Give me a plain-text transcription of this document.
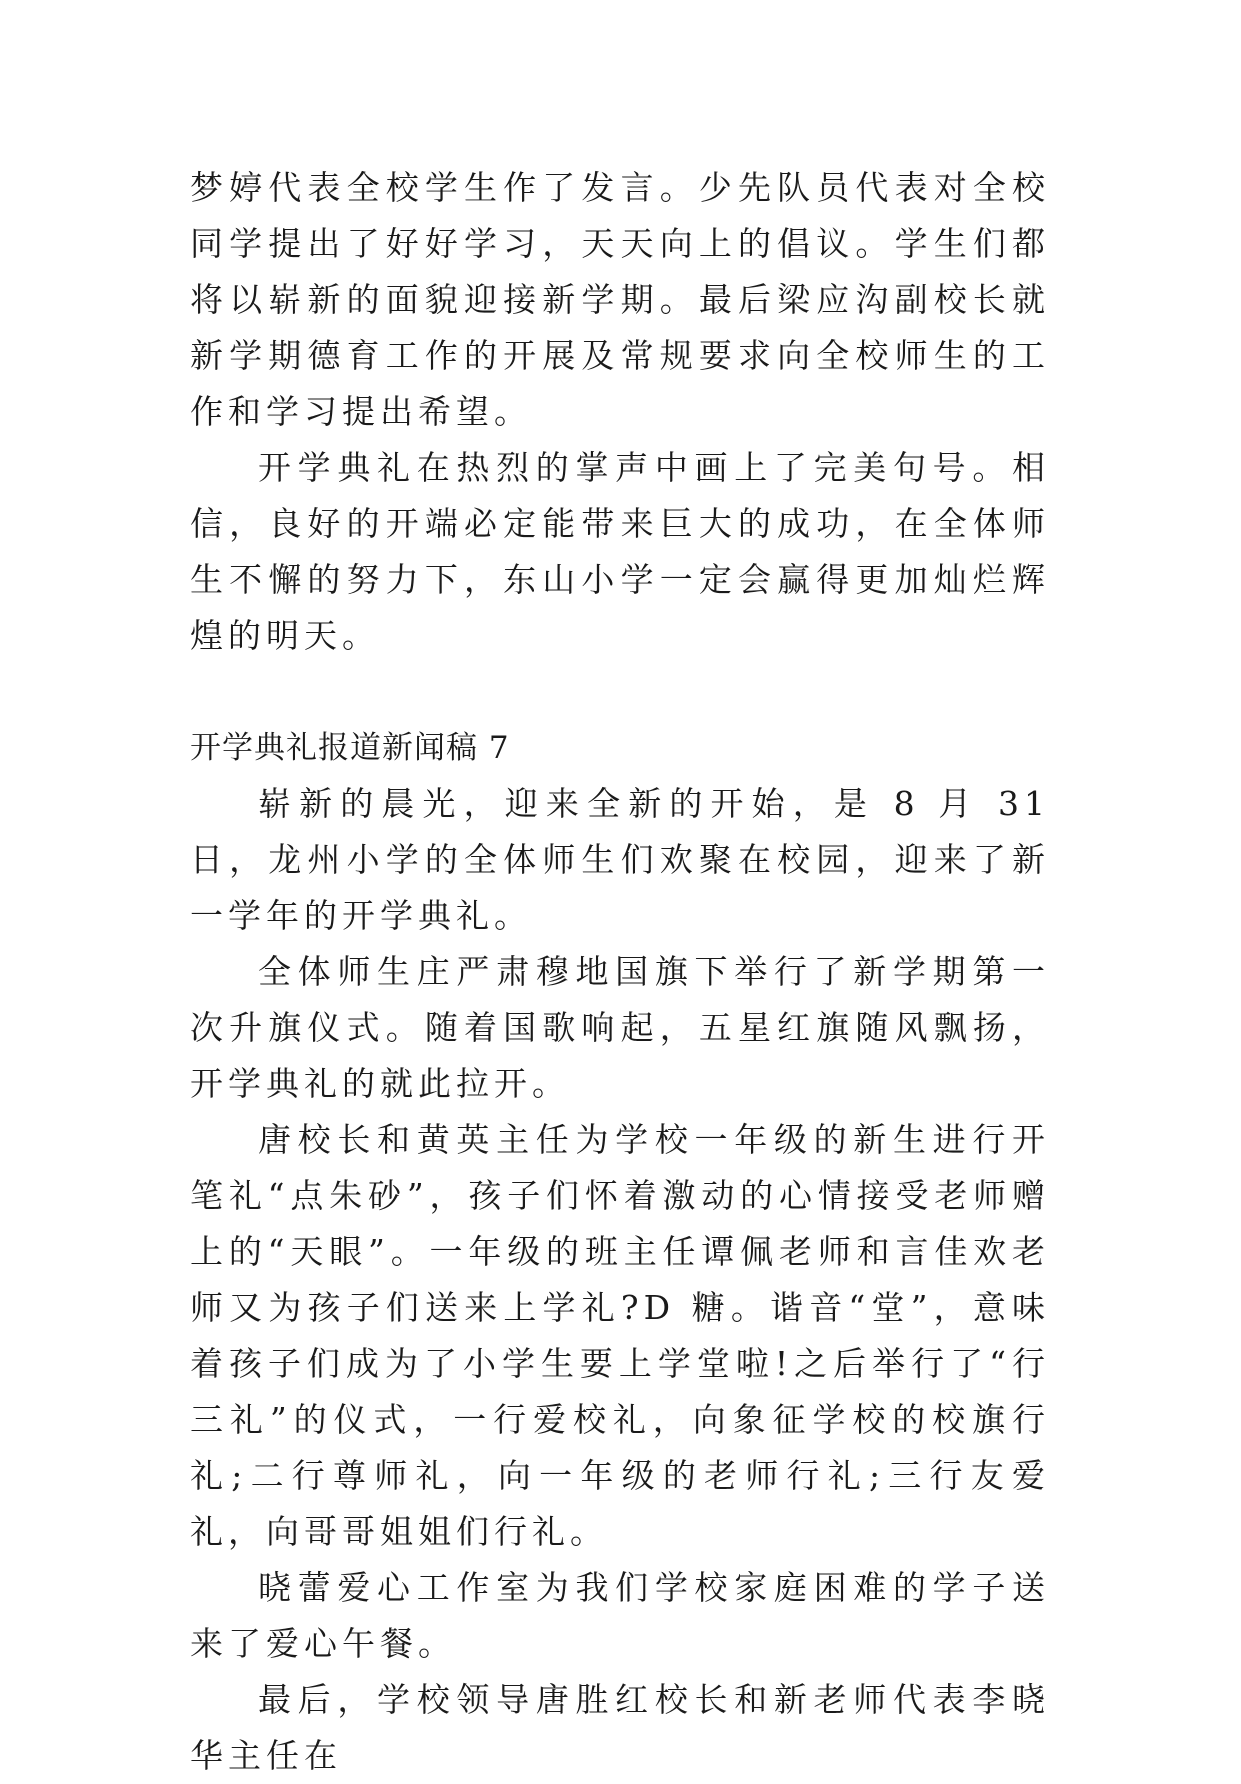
梦婷代表全校学生作了发言。少先队员代表对全校同学提出了好好学习，天天向上的倡议。学生们都将以崭新的面貌迎接新学期。最后梁应沟副校长就新学期德育工作的开展及常规要求向全校师生的工作和学习提出希望。

开学典礼在热烈的掌声中画上了完美句号。相信，良好的开端必定能带来巨大的成功，在全体师生不懈的努力下，东山小学一定会赢得更加灿烂辉煌的明天。

开学典礼报道新闻稿 7

崭新的晨光，迎来全新的开始，是 8 月 31 日，龙州小学的全体师生们欢聚在校园，迎来了新一学年的开学典礼。

全体师生庄严肃穆地国旗下举行了新学期第一次升旗仪式。随着国歌响起，五星红旗随风飘扬，开学典礼的就此拉开。

唐校长和黄英主任为学校一年级的新生进行开笔礼“点朱砂”，孩子们怀着激动的心情接受老师赠上的“天眼”。一年级的班主任谭佩老师和言佳欢老师又为孩子们送来上学礼?D 糖。谐音“堂”，意味着孩子们成为了小学生要上学堂啦!之后举行了“行三礼”的仪式，一行爱校礼，向象征学校的校旗行礼;二行尊师礼，向一年级的老师行礼;三行友爱礼，向哥哥姐姐们行礼。

晓蕾爱心工作室为我们学校家庭困难的学子送来了爱心午餐。

最后，学校领导唐胜红校长和新老师代表李晓华主任在
